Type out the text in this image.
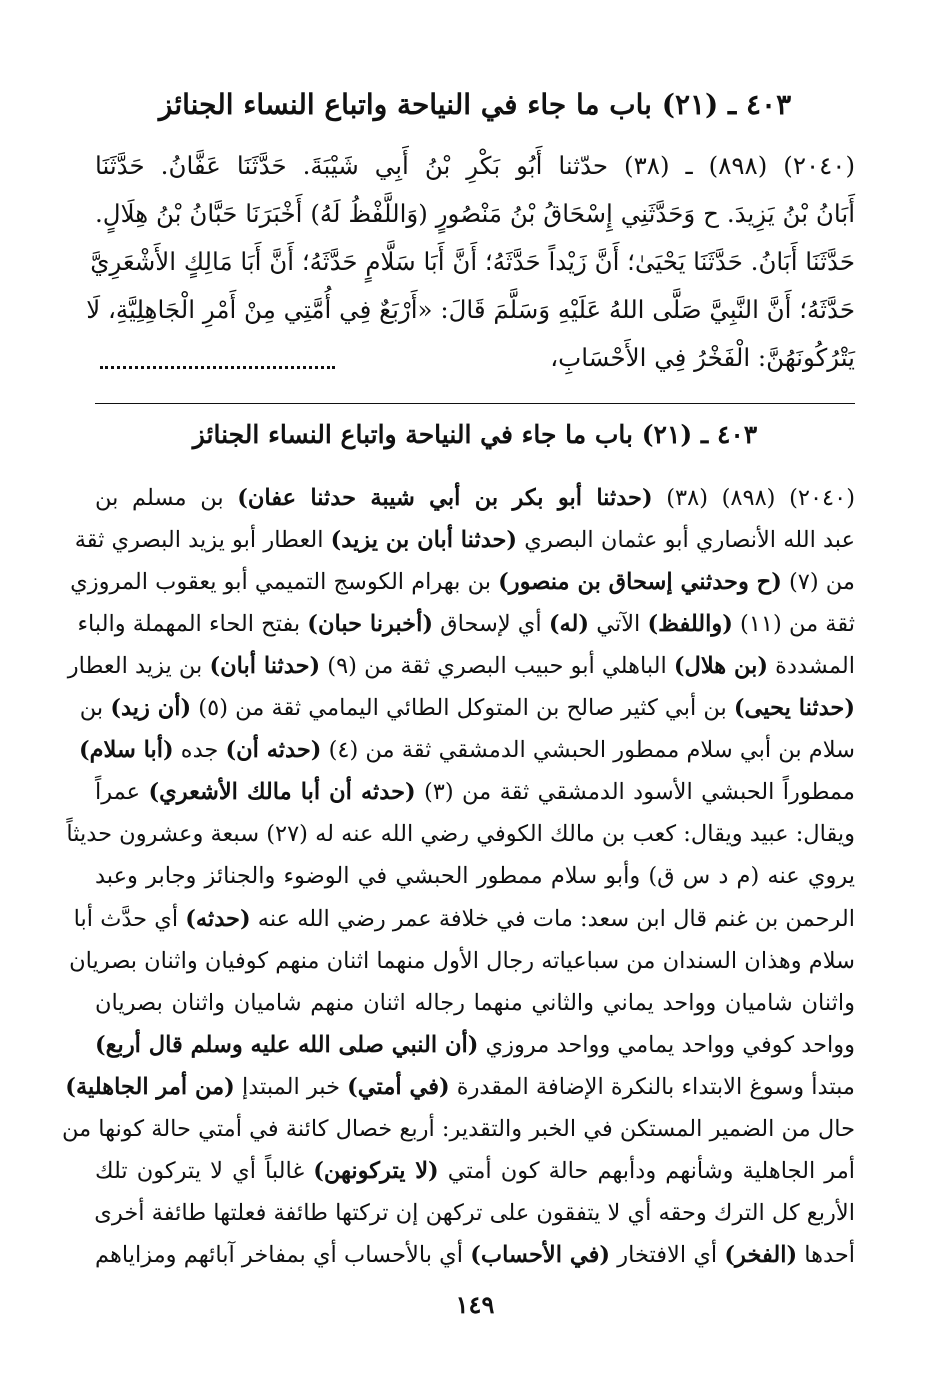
٤٠٣ ـ (٢١) باب ما جاء في النياحة واتباع النساء الجنائز
(٢٠٤٠) (٨٩٨) ـ (٣٨) حدّثنا أَبُو بَكْرِ بْنُ أَبِي شَيْبَةَ. حَدَّثَنَا عَفَّانُ. حَدَّثَنَا
أَبَانُ بْنُ يَزِيدَ. ح وَحَدَّثَنِي إِسْحَاقُ بْنُ مَنْصُورٍ (وَاللَّفْظُ لَهُ) أَخْبَرَنَا حَبَّانُ بْنُ هِلَالٍ.
حَدَّثَنَا أَبَانُ. حَدَّثَنَا يَحْيَىٰ؛ أَنَّ زَيْداً حَدَّثَهُ؛ أَنَّ أَبَا سَلَّامٍ حَدَّثَهُ؛ أَنَّ أَبَا مَالِكٍ الأَشْعَرِيَّ
حَدَّثَهُ؛ أَنَّ النَّبِيَّ صَلَّى اللهُ عَلَيْهِ وَسَلَّمَ قَالَ: «أَرْبَعٌ فِي أُمَّتِي مِنْ أَمْرِ الْجَاهِلِيَّةِ، لَا
يَتْرُكُونَهُنَّ: الْفَخْرُ فِي الأَحْسَابِ،
٤٠٣ ـ (٢١) باب ما جاء في النياحة واتباع النساء الجنائز
(٢٠٤٠) (٨٩٨) (٣٨) (حدثنا أبو بكر بن أبي شيبة حدثنا عفان) بن مسلم بن
عبد الله الأنصاري أبو عثمان البصري (حدثنا أبان بن يزيد) العطار أبو يزيد البصري ثقة
من (٧) (ح وحدثني إسحاق بن منصور) بن بهرام الكوسج التميمي أبو يعقوب المروزي
ثقة من (١١) (واللفظ) الآتي (له) أي لإسحاق (أخبرنا حبان) بفتح الحاء المهملة والباء
المشددة (بن هلال) الباهلي أبو حبيب البصري ثقة من (٩) (حدثنا أبان) بن يزيد العطار
(حدثنا يحيى) بن أبي كثير صالح بن المتوكل الطائي اليمامي ثقة من (٥) (أن زيد) بن
سلام بن أبي سلام ممطور الحبشي الدمشقي ثقة من (٤) (حدثه أن) جده (أبا سلام)
ممطوراً الحبشي الأسود الدمشقي ثقة من (٣) (حدثه أن أبا مالك الأشعري) عمراً
ويقال: عبيد ويقال: كعب بن مالك الكوفي رضي الله عنه له (٢٧) سبعة وعشرون حديثاً
يروي عنه (م د س ق) وأبو سلام ممطور الحبشي في الوضوء والجنائز وجابر وعبد
الرحمن بن غنم قال ابن سعد: مات في خلافة عمر رضي الله عنه (حدثه) أي حدَّث أبا
سلام وهذان السندان من سباعياته رجال الأول منهما اثنان منهم كوفيان واثنان بصريان
واثنان شاميان وواحد يماني والثاني منهما رجاله اثنان منهم شاميان واثنان بصريان
وواحد كوفي وواحد يمامي وواحد مروزي (أن النبي صلى الله عليه وسلم قال أربع)
مبتدأ وسوغ الابتداء بالنكرة الإضافة المقدرة (في أمتي) خبر المبتدإ (من أمر الجاهلية)
حال من الضمير المستكن في الخبر والتقدير: أربع خصال كائنة في أمتي حالة كونها من
أمر الجاهلية وشأنهم ودأبهم حالة كون أمتي (لا يتركونهن) غالباً أي لا يتركون تلك
الأربع كل الترك وحقه أي لا يتفقون على تركهن إن تركتها طائفة فعلتها طائفة أخرى
أحدها (الفخر) أي الافتخار (في الأحساب) أي بالأحساب أي بمفاخر آبائهم ومزاياهم
١٤٩
